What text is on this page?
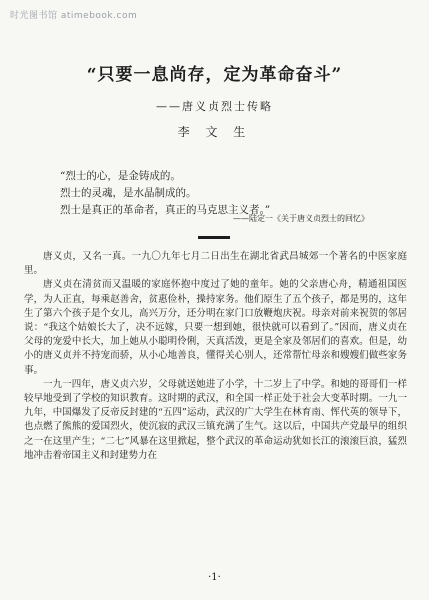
时光图书馆 atimebook.com
“只要一息尚存，定为革命奋斗”
——唐义贞烈士传略
李 文 生
“烈士的心，是金铸成的。
烈士的灵魂，是水晶制成的。
烈士是真正的革命者，真正的马克思主义者。”
——陆定一《关于唐义贞烈士的回忆》

唐义贞，又名一真。一九〇九年七月二日出生在湖北省武昌城郊一个著名的中医家庭里。

唐义贞在清贫而又温暖的家庭怀抱中度过了她的童年。她的父亲唐心舟，精通祖国医学，为人正直，每乘赵善舍，贫惠俭朴，操持家务。他们原生了五个孩子，都是男的，这年生了第六个孩子是个女儿，高兴万分，还分明在家门口放鞭炮庆祝。母亲对前来祝贺的邻居说：“我这个姑娘长大了，决不远嫁，只要一想到她，很快就可以看到了。”因而，唐义贞在父母的宠爱中长大，加上她从小聪明伶俐，天真活泼，更是全家及邻居们的喜欢。但是，幼小的唐义贞并不持宠而骄，从小心地善良，懂得关心别人，还常帮忙母亲和嫂嫂们做些家务事。

一九一四年，唐义贞六岁，父母就送她进了小学，十二岁上了中学。和她的哥哥们一样较早地受到了学校的知识教育。这时期的武汉，和全国一样正处于社会大变革时期。一九一九年，中国爆发了反帝反封建的“五四”运动，武汉的广大学生在林育南、恽代英的领导下，也点燃了熊熊的爱国烈火，使沉寂的武汉三镇充满了生气。这以后，中国共产党最早的组织之一在这里产生；“二七”风暴在这里掀起，整个武汉的革命运动犹如长江的滚滚巨浪，猛烈地冲击着帝国主义和封建势力在

·1·
